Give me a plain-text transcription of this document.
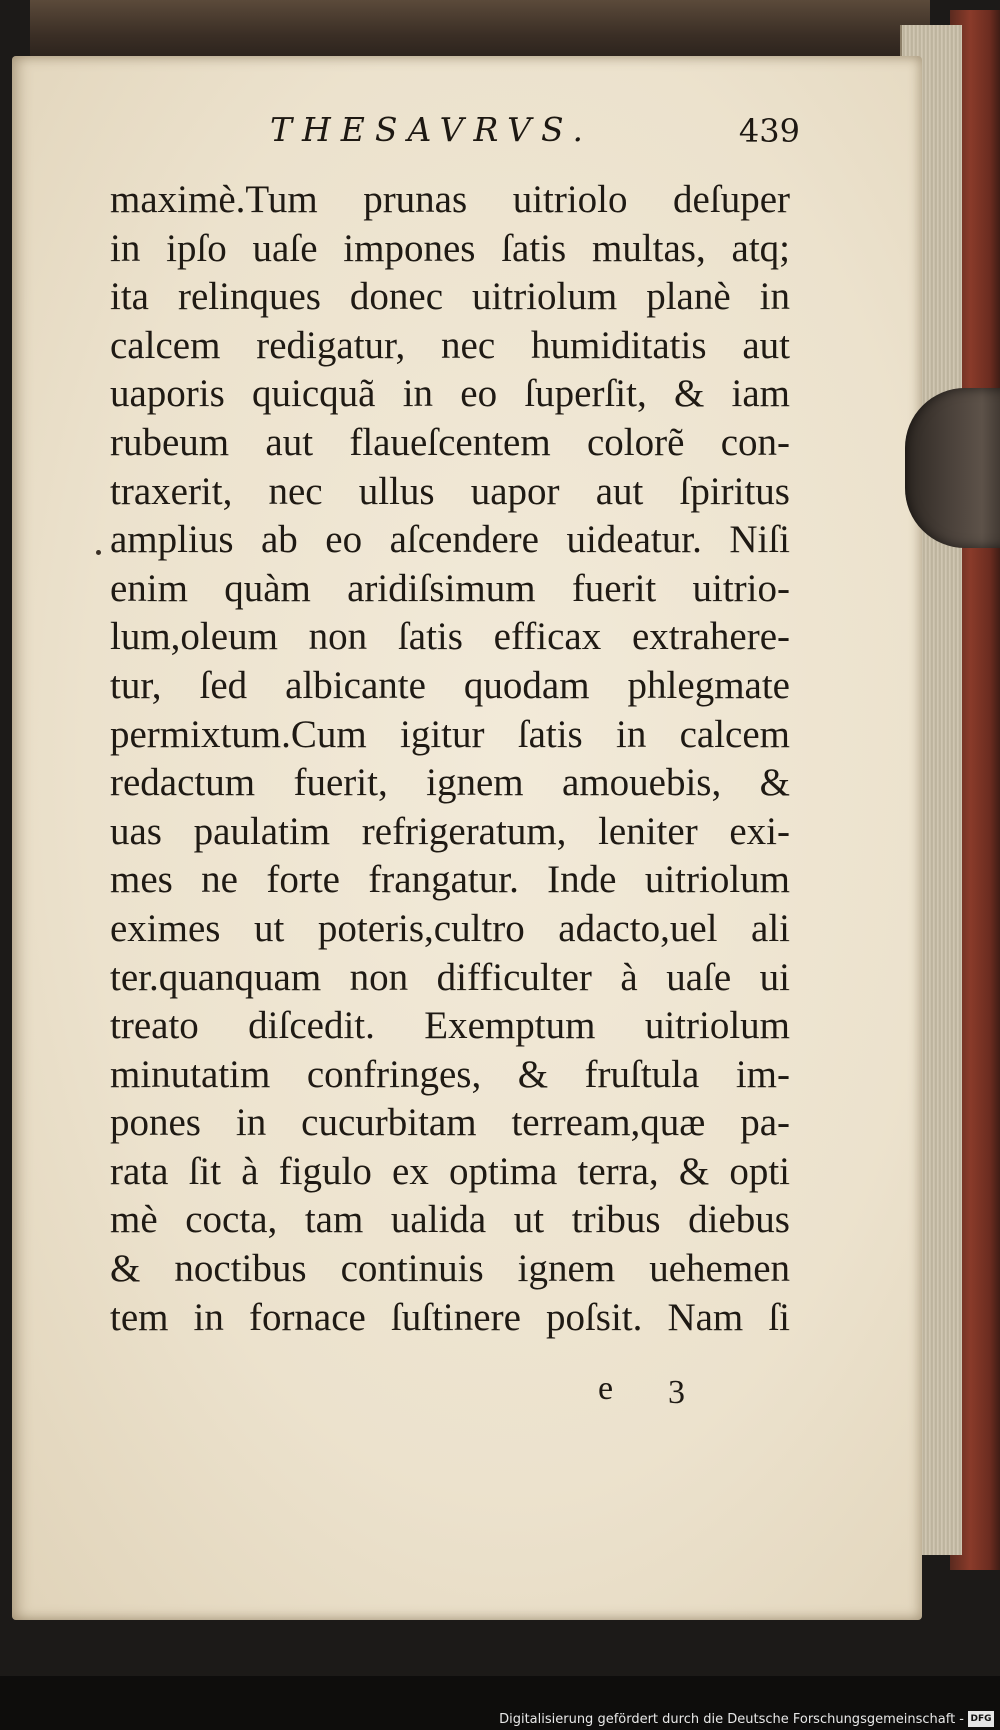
THESAVRVS.	439
maximè.Tum prunas uitriolo deſuper
in ipſo uaſe impones ſatis multas, atq;
ita relinques donec uitriolum planè in
calcem redigatur, nec humiditatis aut
uaporis quicquã in eo ſuperſit, & iam
rubeum aut flaueſcentem colorẽ con-
traxerit, nec ullus uapor aut ſpiritus
amplius ab eo aſcendere uideatur. Niſi
enim quàm aridiſsimum fuerit uitrio-
lum,oleum non ſatis efficax extrahere-
tur, ſed albicante quodam phlegmate
permixtum.Cum igitur ſatis in calcem
redactum fuerit, ignem amouebis, &
uas paulatim refrigeratum, leniter exi-
mes ne forte frangatur. Inde uitriolum
eximes ut poteris,cultro adacto,uel ali
ter.quanquam non difficulter à uaſe ui
treato diſcedit. Exemptum uitriolum
minutatim confringes, & fruſtula im-
pones in cucurbitam terream,quæ pa-
rata ſit à figulo ex optima terra, & opti
mè cocta, tam ualida ut tribus diebus
& noctibus continuis ignem uehemen
tem in fornace ſuſtinere poſsit. Nam ſi
e 3
Digitalisierung gefördert durch die Deutsche Forschungsgemeinschaft - DFG
